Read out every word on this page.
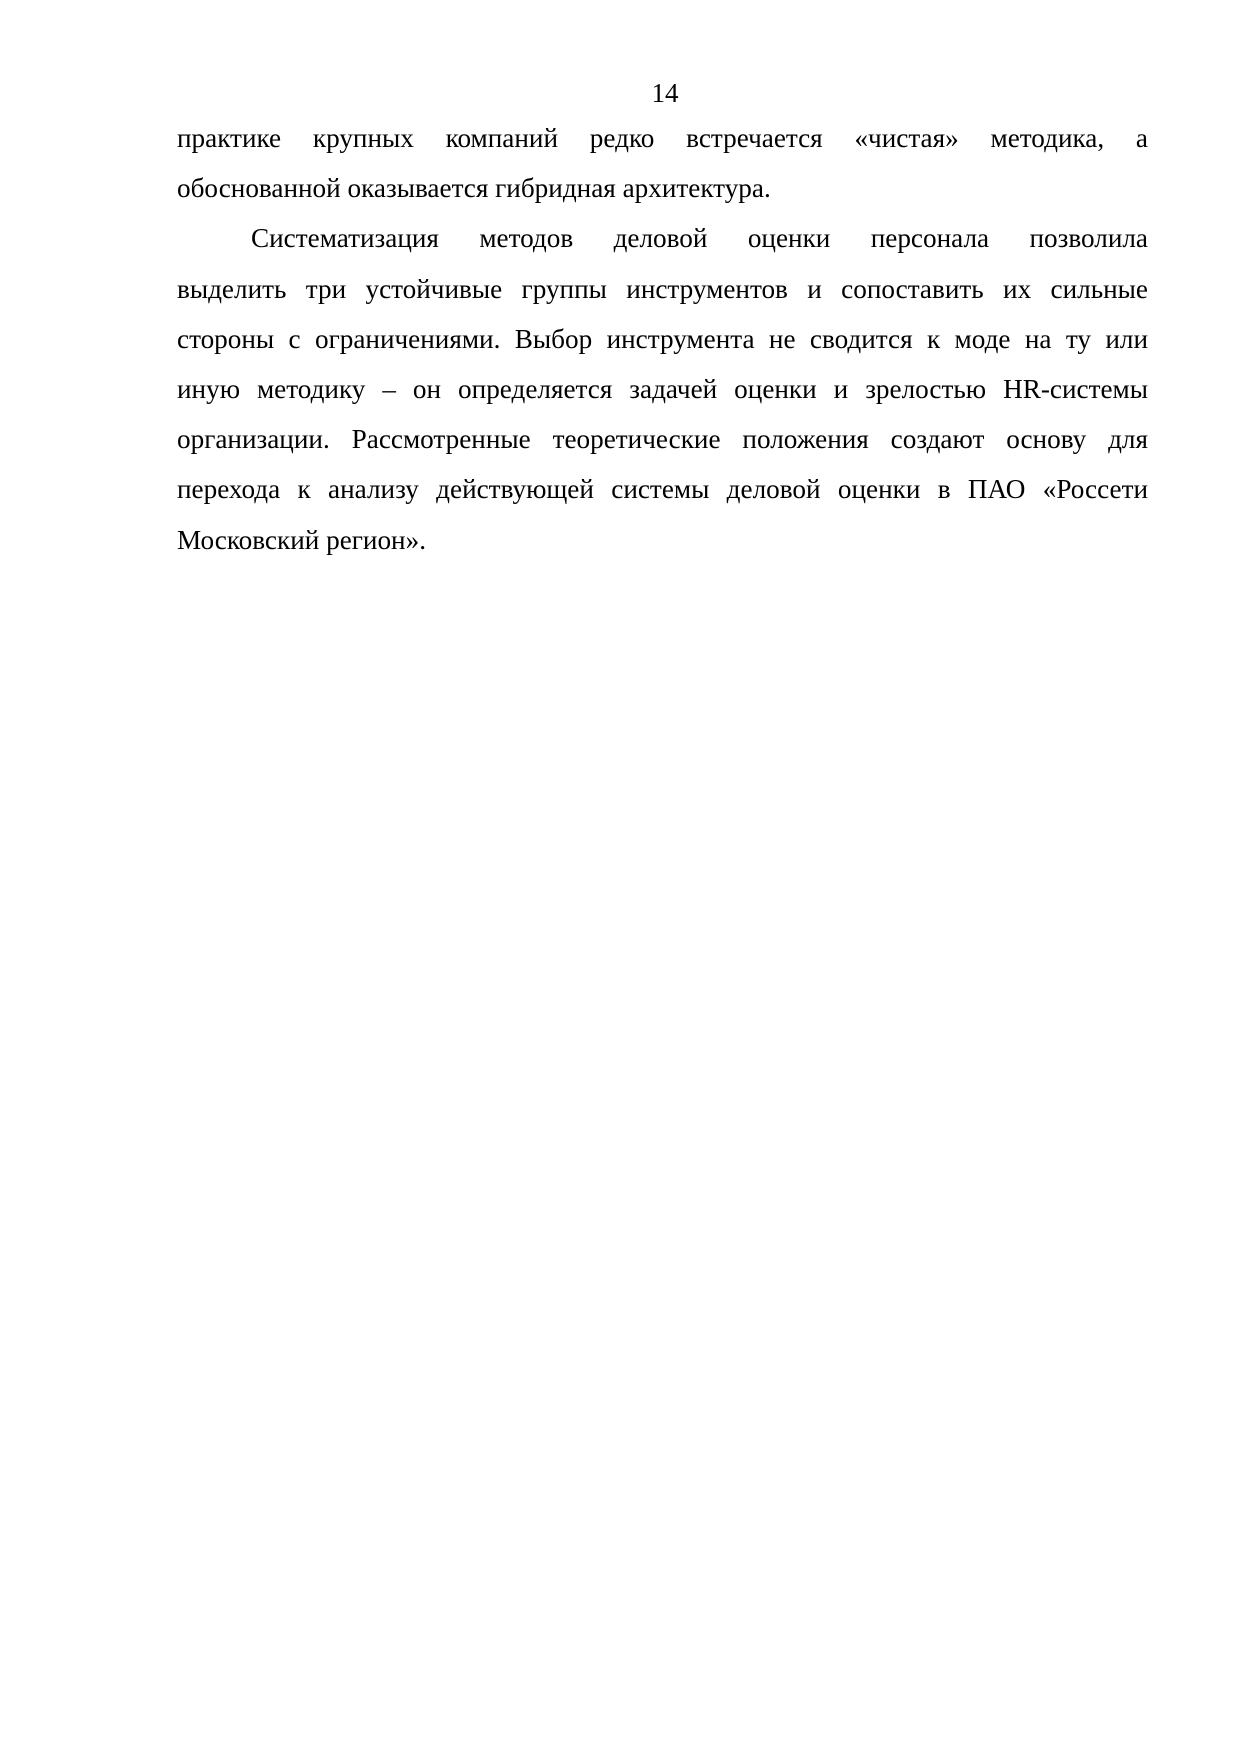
14

практике крупных компаний редко встречается «чистая» методика, а
обоснованной оказывается гибридная архитектура.

Систематизация методов деловой оценки персонала позволила
выделить три устойчивые группы инструментов и сопоставить их сильные
стороны с ограничениями. Выбор инструмента не сводится к моде на ту или
иную методику – он определяется задачей оценки и зрелостью HR-системы
организации. Рассмотренные теоретические положения создают основу для
перехода к анализу действующей системы деловой оценки в ПАО «Россети
Московский регион».
